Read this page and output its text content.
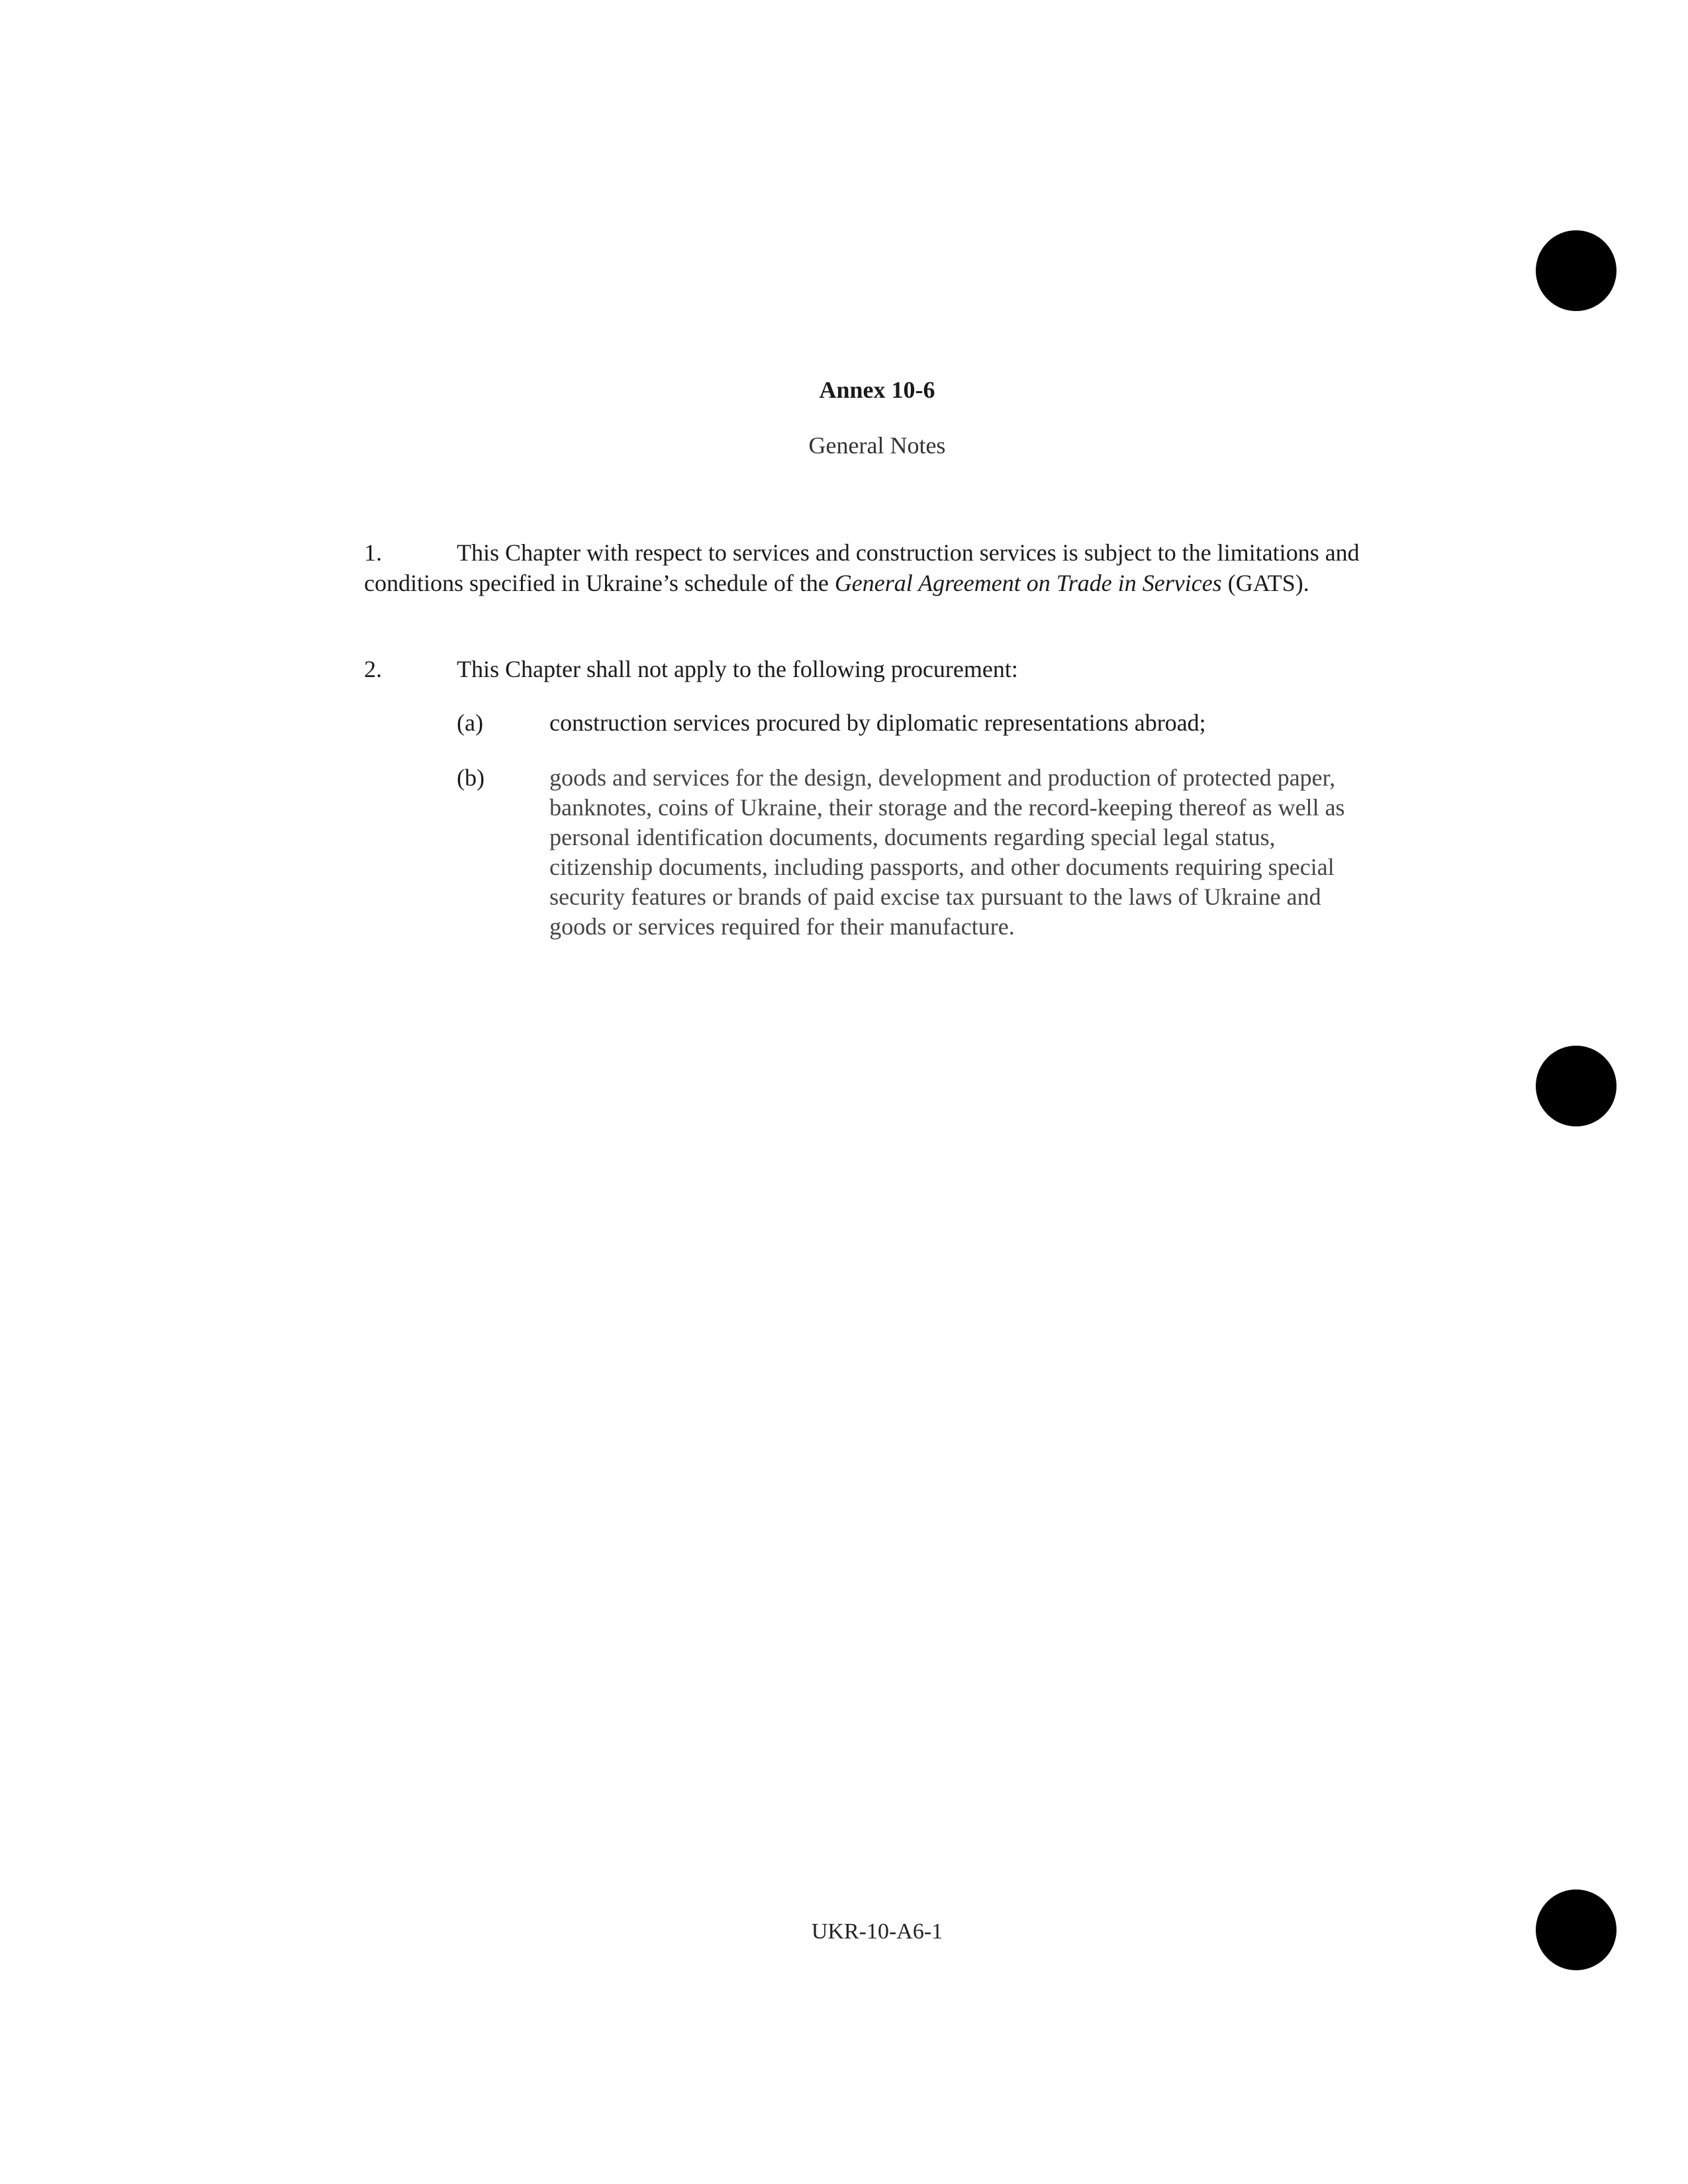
Annex 10-6
General Notes
1.	This Chapter with respect to services and construction services is subject to the limitations and conditions specified in Ukraine’s schedule of the General Agreement on Trade in Services (GATS).
2.	This Chapter shall not apply to the following procurement:
(a)	construction services procured by diplomatic representations abroad;
(b)	goods and services for the design, development and production of protected paper, banknotes, coins of Ukraine, their storage and the record-keeping thereof as well as personal identification documents, documents regarding special legal status, citizenship documents, including passports, and other documents requiring special security features or brands of paid excise tax pursuant to the laws of Ukraine and goods or services required for their manufacture.
UKR-10-A6-1
